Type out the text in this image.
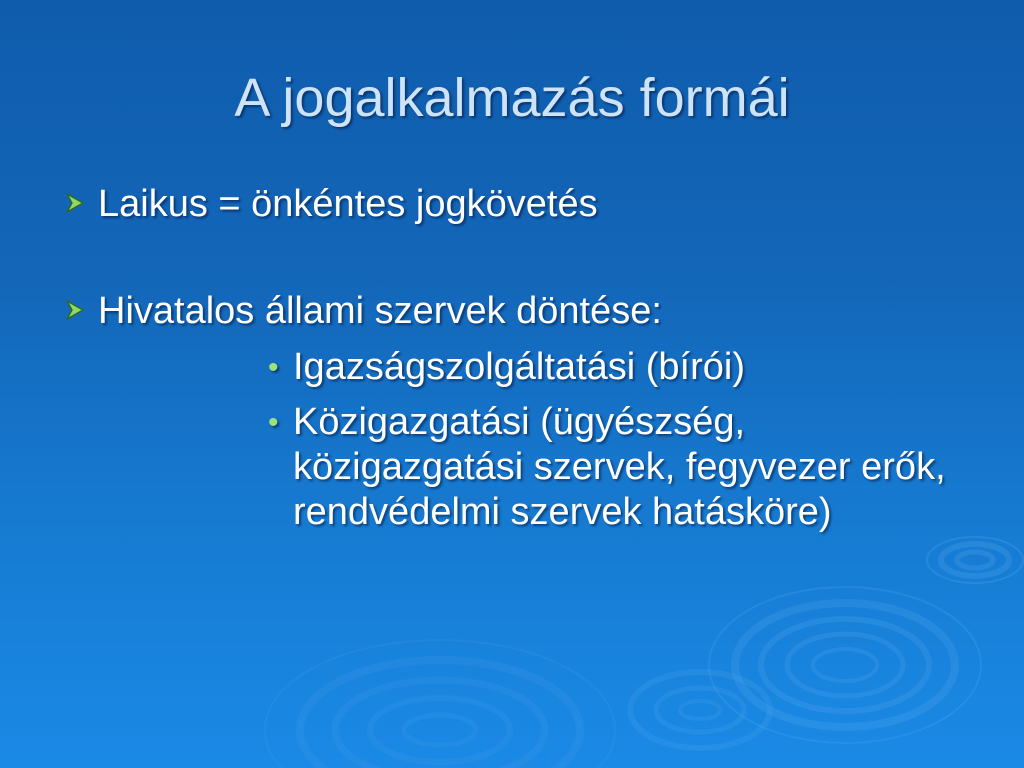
A jogalkalmazás formái
Laikus = önkéntes jogkövetés
Hivatalos állami szervek döntése:
• Igazságszolgáltatási (bírói)
• Közigazgatási (ügyészség, közigazgatási szervek, fegyvezer erők, rendvédelmi szervek hatásköre)
